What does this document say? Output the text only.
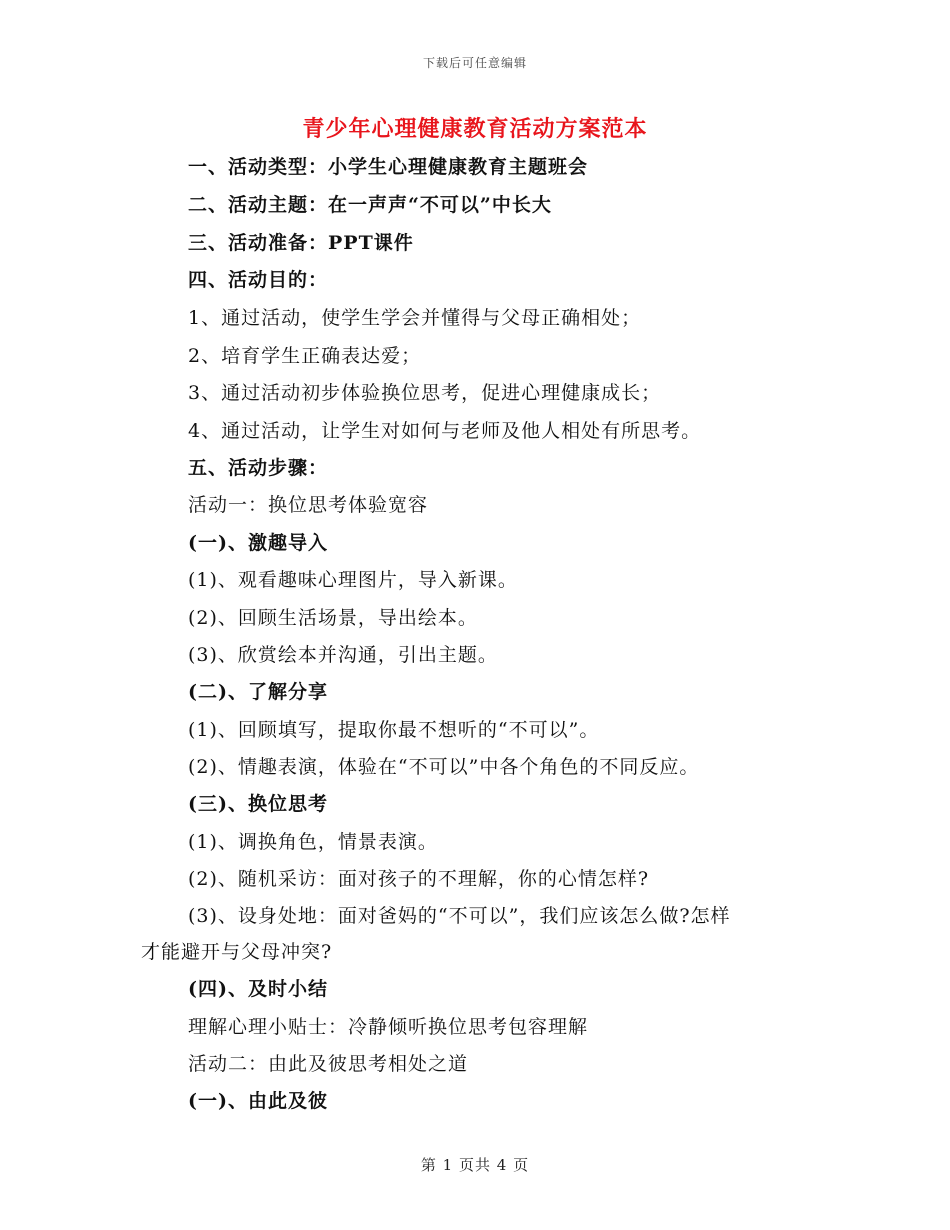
下载后可任意编辑
青少年心理健康教育活动方案范本
一、活动类型：小学生心理健康教育主题班会
二、活动主题：在一声声“不可以”中长大
三、活动准备：PPT课件
四、活动目的：
1、通过活动，使学生学会并懂得与父母正确相处；
2、培育学生正确表达爱；
3、通过活动初步体验换位思考，促进心理健康成长；
4、通过活动，让学生对如何与老师及他人相处有所思考。
五、活动步骤：
活动一：换位思考体验宽容
(一)、激趣导入
(1)、观看趣味心理图片，导入新课。
(2)、回顾生活场景，导出绘本。
(3)、欣赏绘本并沟通，引出主题。
(二)、了解分享
(1)、回顾填写，提取你最不想听的“不可以”。
(2)、情趣表演，体验在“不可以”中各个角色的不同反应。
(三)、换位思考
(1)、调换角色，情景表演。
(2)、随机采访：面对孩子的不理解，你的心情怎样?
(3)、设身处地：面对爸妈的“不可以”，我们应该怎么做?怎样
才能避开与父母冲突?
(四)、及时小结
理解心理小贴士：冷静倾听换位思考包容理解
活动二：由此及彼思考相处之道
(一)、由此及彼
第 1 页共 4 页
